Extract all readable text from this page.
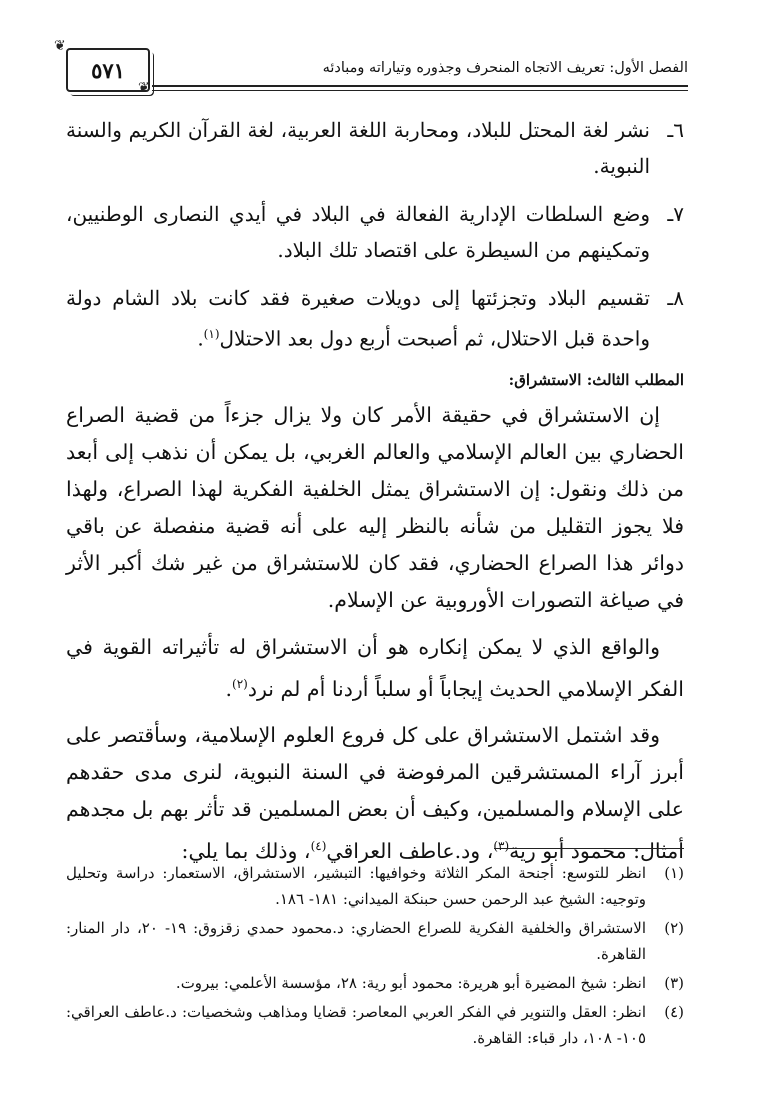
٥٧١
❦
❦
الفصل الأول: تعريف الاتجاه المنحرف وجذوره وتياراته ومبادئه
٦ـ
نشر لغة المحتل للبلاد، ومحاربة اللغة العربية، لغة القرآن الكريم والسنة النبوية.
٧ـ
وضع السلطات الإدارية الفعالة في البلاد في أيدي النصارى الوطنيين، وتمكينهم من السيطرة على اقتصاد تلك البلاد.
٨ـ
تقسيم البلاد وتجزئتها إلى دويلات صغيرة فقد كانت بلاد الشام دولة واحدة قبل الاحتلال، ثم أصبحت أربع دول بعد الاحتلال$^{(١)}$.
المطلب الثالث: الاستشراق:

إن الاستشراق في حقيقة الأمر كان ولا يزال جزءاً من قضية الصراع الحضاري بين العالم الإسلامي والعالم الغربي، بل يمكن أن نذهب إلى أبعد من ذلك ونقول: إن الاستشراق يمثل الخلفية الفكرية لهذا الصراع، ولهذا فلا يجوز التقليل من شأنه بالنظر إليه على أنه قضية منفصلة عن باقي دوائر هذا الصراع الحضاري، فقد كان للاستشراق من غير شك أكبر الأثر في صياغة التصورات الأوروبية عن الإسلام.

والواقع الذي لا يمكن إنكاره هو أن الاستشراق له تأثيراته القوية في الفكر الإسلامي الحديث إيجاباً أو سلباً أردنا أم لم نرد$^{(٢)}$.

وقد اشتمل الاستشراق على كل فروع العلوم الإسلامية، وسأقتصر على أبرز آراء المستشرقين المرفوضة في السنة النبوية، لنرى مدى حقدهم على الإسلام والمسلمين، وكيف أن بعض المسلمين قد تأثر بهم بل مجدهم أمثال: محمود أبو رية$^{(٣)}$، ود.عاطف العراقي$^{(٤)}$، وذلك بما يلي:

(١)
انظر للتوسع: أجنحة المكر الثلاثة وخوافيها: التبشير، الاستشراق، الاستعمار: دراسة وتحليل وتوجيه: الشيخ عبد الرحمن حسن حبنكة الميداني: ١٨١- ١٨٦.
(٢)
الاستشراق والخلفية الفكرية للصراع الحضاري: د.محمود حمدي زقزوق: ١٩- ٢٠، دار المنار: القاهرة.
(٣)
انظر: شيخ المضيرة أبو هريرة: محمود أبو رية: ٢٨، مؤسسة الأعلمي: بيروت.
(٤)
انظر: العقل والتنوير في الفكر العربي المعاصر: قضايا ومذاهب وشخصيات: د.عاطف العراقي: ١٠٥- ١٠٨، دار قباء: القاهرة.
